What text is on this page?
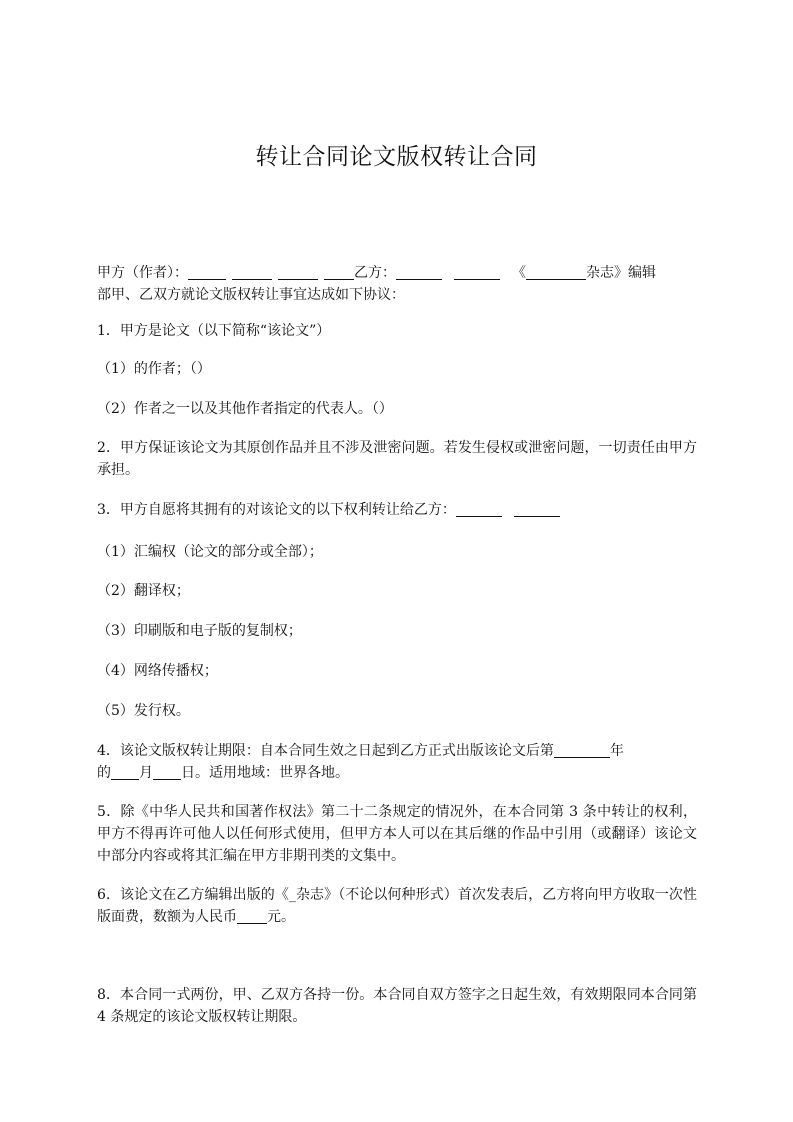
转让合同论文版权转让合同

甲方（作者）：	乙方：	《	杂志》编辑
部甲、乙双方就论文版权转让事宜达成如下协议：

1．甲方是论文（以下简称“该论文”）

（1）的作者；（）

（2）作者之一以及其他作者指定的代表人。（）

2．甲方保证该论文为其原创作品并且不涉及泄密问题。若发生侵权或泄密问题，一切责任由甲方承担。

3．甲方自愿将其拥有的对该论文的以下权利转让给乙方：

（1）汇编权（论文的部分或全部）；

（2）翻译权；

（3）印刷版和电子版的复制权；

（4）网络传播权；

（5）发行权。

4．该论文版权转让期限：自本合同生效之日起到乙方正式出版该论文后第	年
的 月 日。适用地域：世界各地。

5．除《中华人民共和国著作权法》第二十二条规定的情况外，在本合同第 3 条中转让的权利，甲方不得再许可他人以任何形式使用，但甲方本人可以在其后继的作品中引用（或翻译）该论文中部分内容或将其汇编在甲方非期刊类的文集中。

6．该论文在乙方编辑出版的《_杂志》（不论以何种形式）首次发表后，乙方将向甲方收取一次性版面费，数额为人民币 元。

8．本合同一式两份，甲、乙双方各持一份。本合同自双方签字之日起生效，有效期限同本合同第 4 条规定的该论文版权转让期限。
